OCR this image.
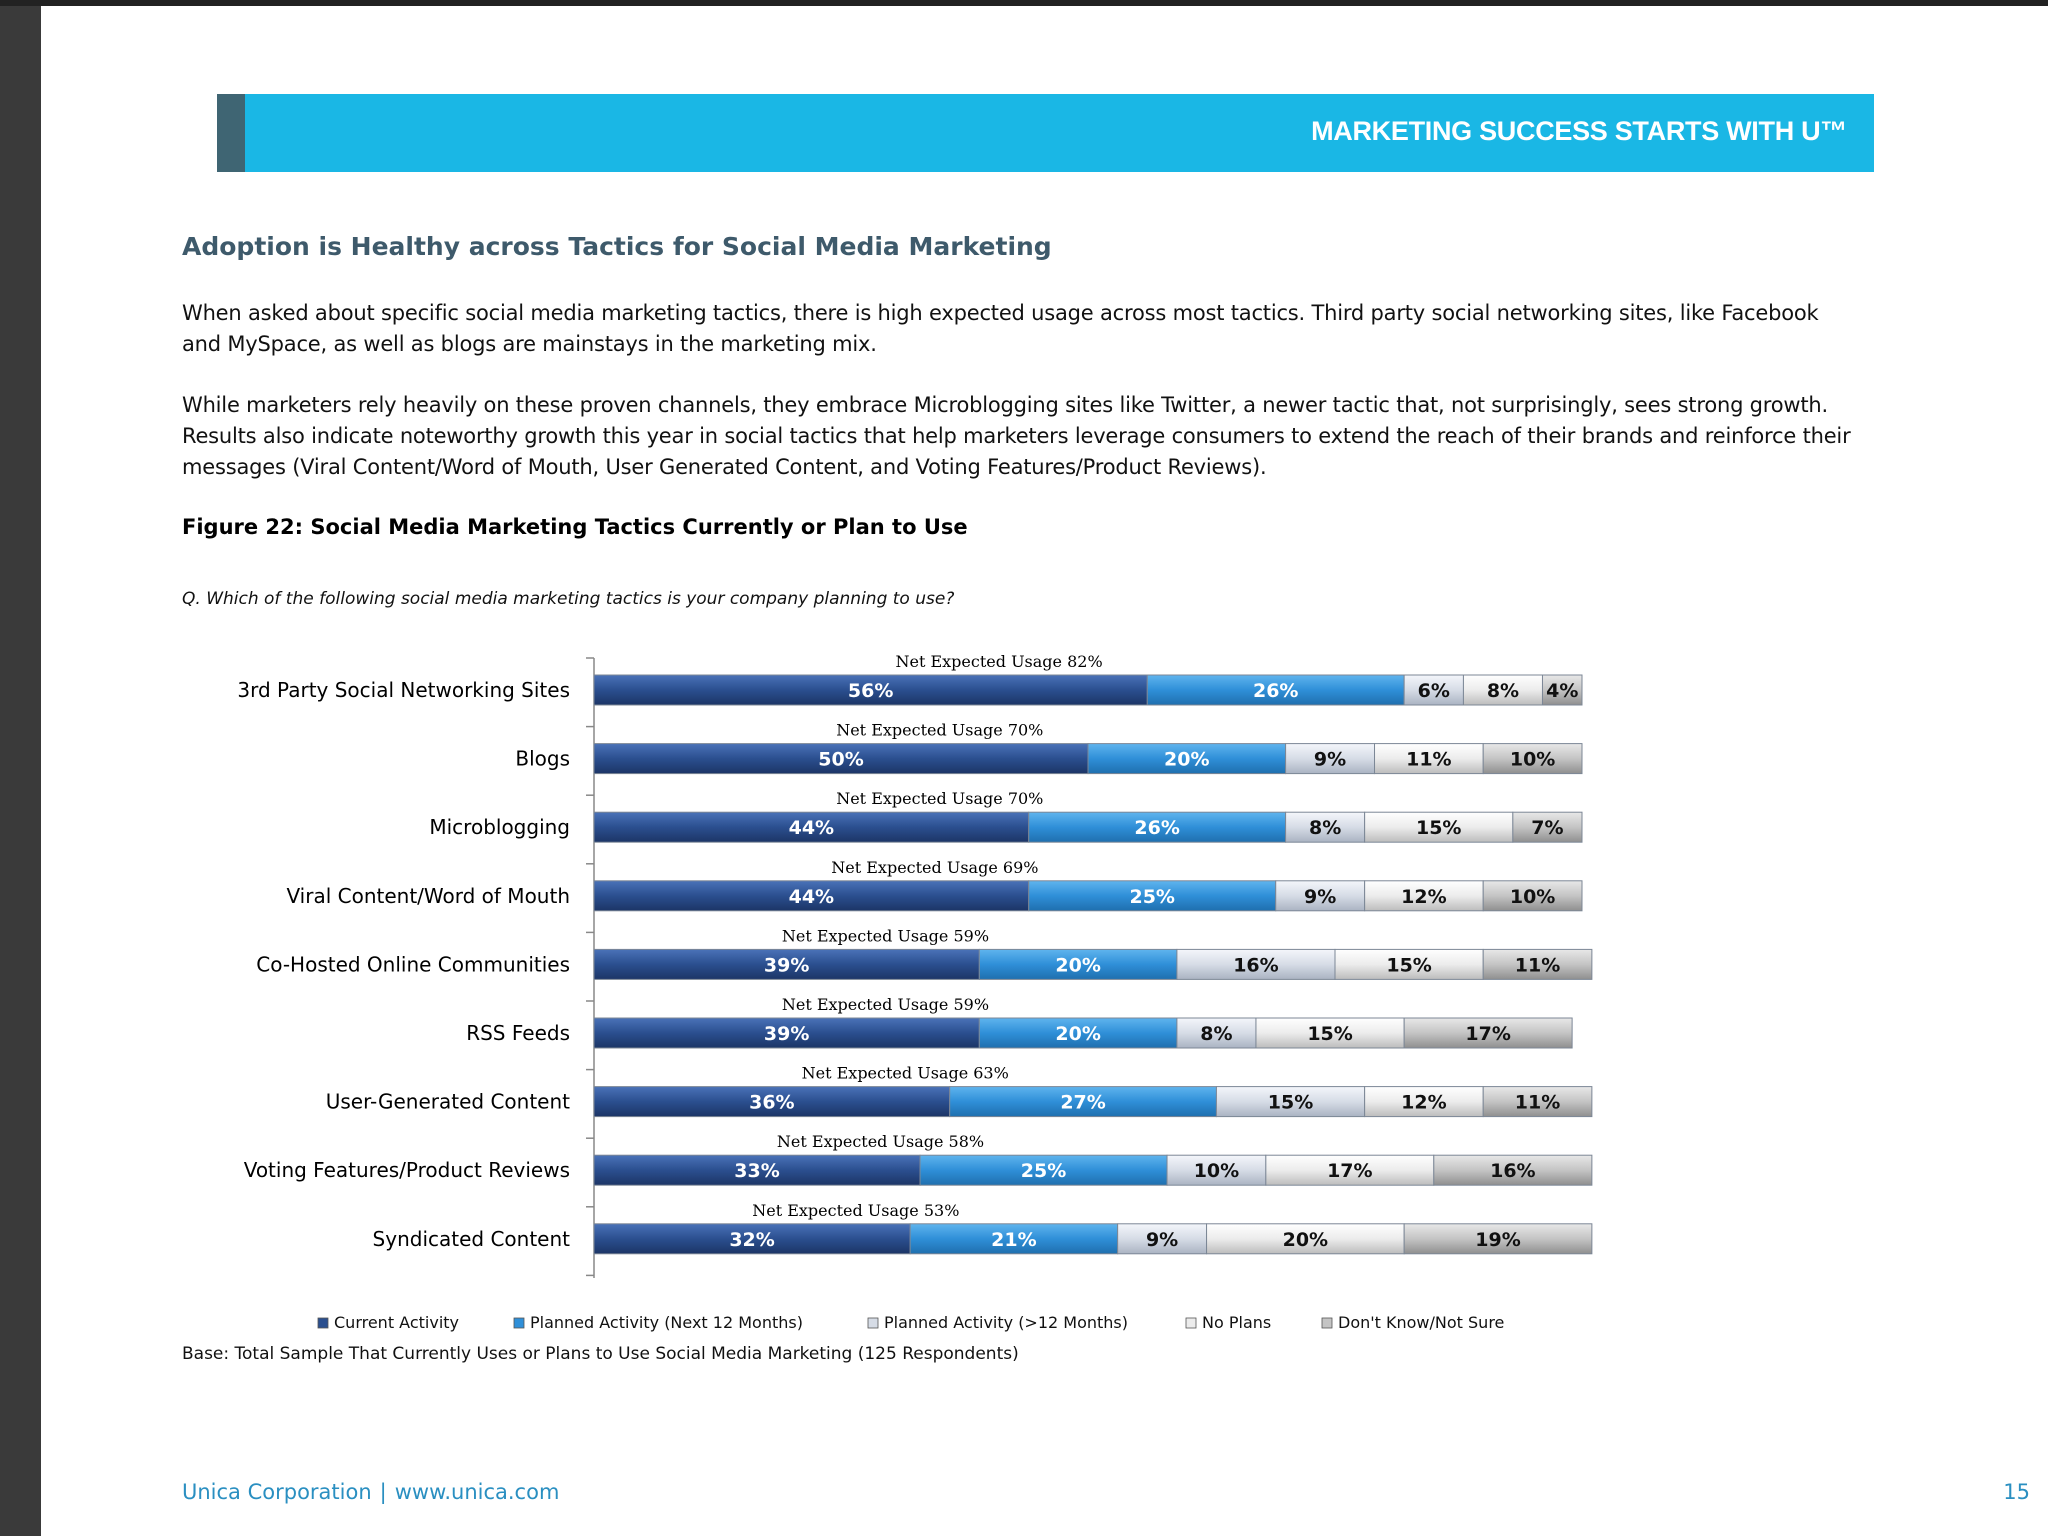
MARKETING SUCCESS STARTS WITH U™
Adoption is Healthy across Tactics for Social Media Marketing
When asked about specific social media marketing tactics, there is high expected usage across most tactics. Third party social networking sites, like Facebook and MySpace, as well as blogs are mainstays in the marketing mix.
While marketers rely heavily on these proven channels, they embrace Microblogging sites like Twitter, a newer tactic that, not surprisingly, sees strong growth. Results also indicate noteworthy growth this year in social tactics that help marketers leverage consumers to extend the reach of their brands and reinforce their messages (Viral Content/Word of Mouth, User Generated Content, and Voting Features/Product Reviews).
Figure 22: Social Media Marketing Tactics Currently or Plan to Use
Q. Which of the following social media marketing tactics is your company planning to use?
3rd Party Social Networking Sites	56%	26%	6% 8% 4%
Net Expected Usage 82%
Blogs	50%	20%	9%	11%	10%
Net Expected Usage 70%
Microblogging	44%	26%	8%	15%	7%
Net Expected Usage 70%
Viral Content/Word of Mouth	44%	25%	9%	12%	10%
Net Expected Usage 69%
Co-Hosted Online Communities	39%	20%	16%	15%	11%
Net Expected Usage 59%
RSS Feeds	39%	20%	8%	15%	17%
Net Expected Usage 59%
User-Generated Content	36%	27%	15%	12%	11%
Net Expected Usage 63%
Voting Features/Product Reviews	33%	25%	10%	17%	16%
Net Expected Usage 58%
Syndicated Content	32%	21%	9%	20%	19%
Net Expected Usage 53%
Current Activity	Planned Activity (Next 12 Months)	Planned Activity (>12 Months)	No Plans	Don't Know/Not Sure
Base: Total Sample That Currently Uses or Plans to Use Social Media Marketing (125 Respondents)
Unica Corporation | www.unica.com	15
